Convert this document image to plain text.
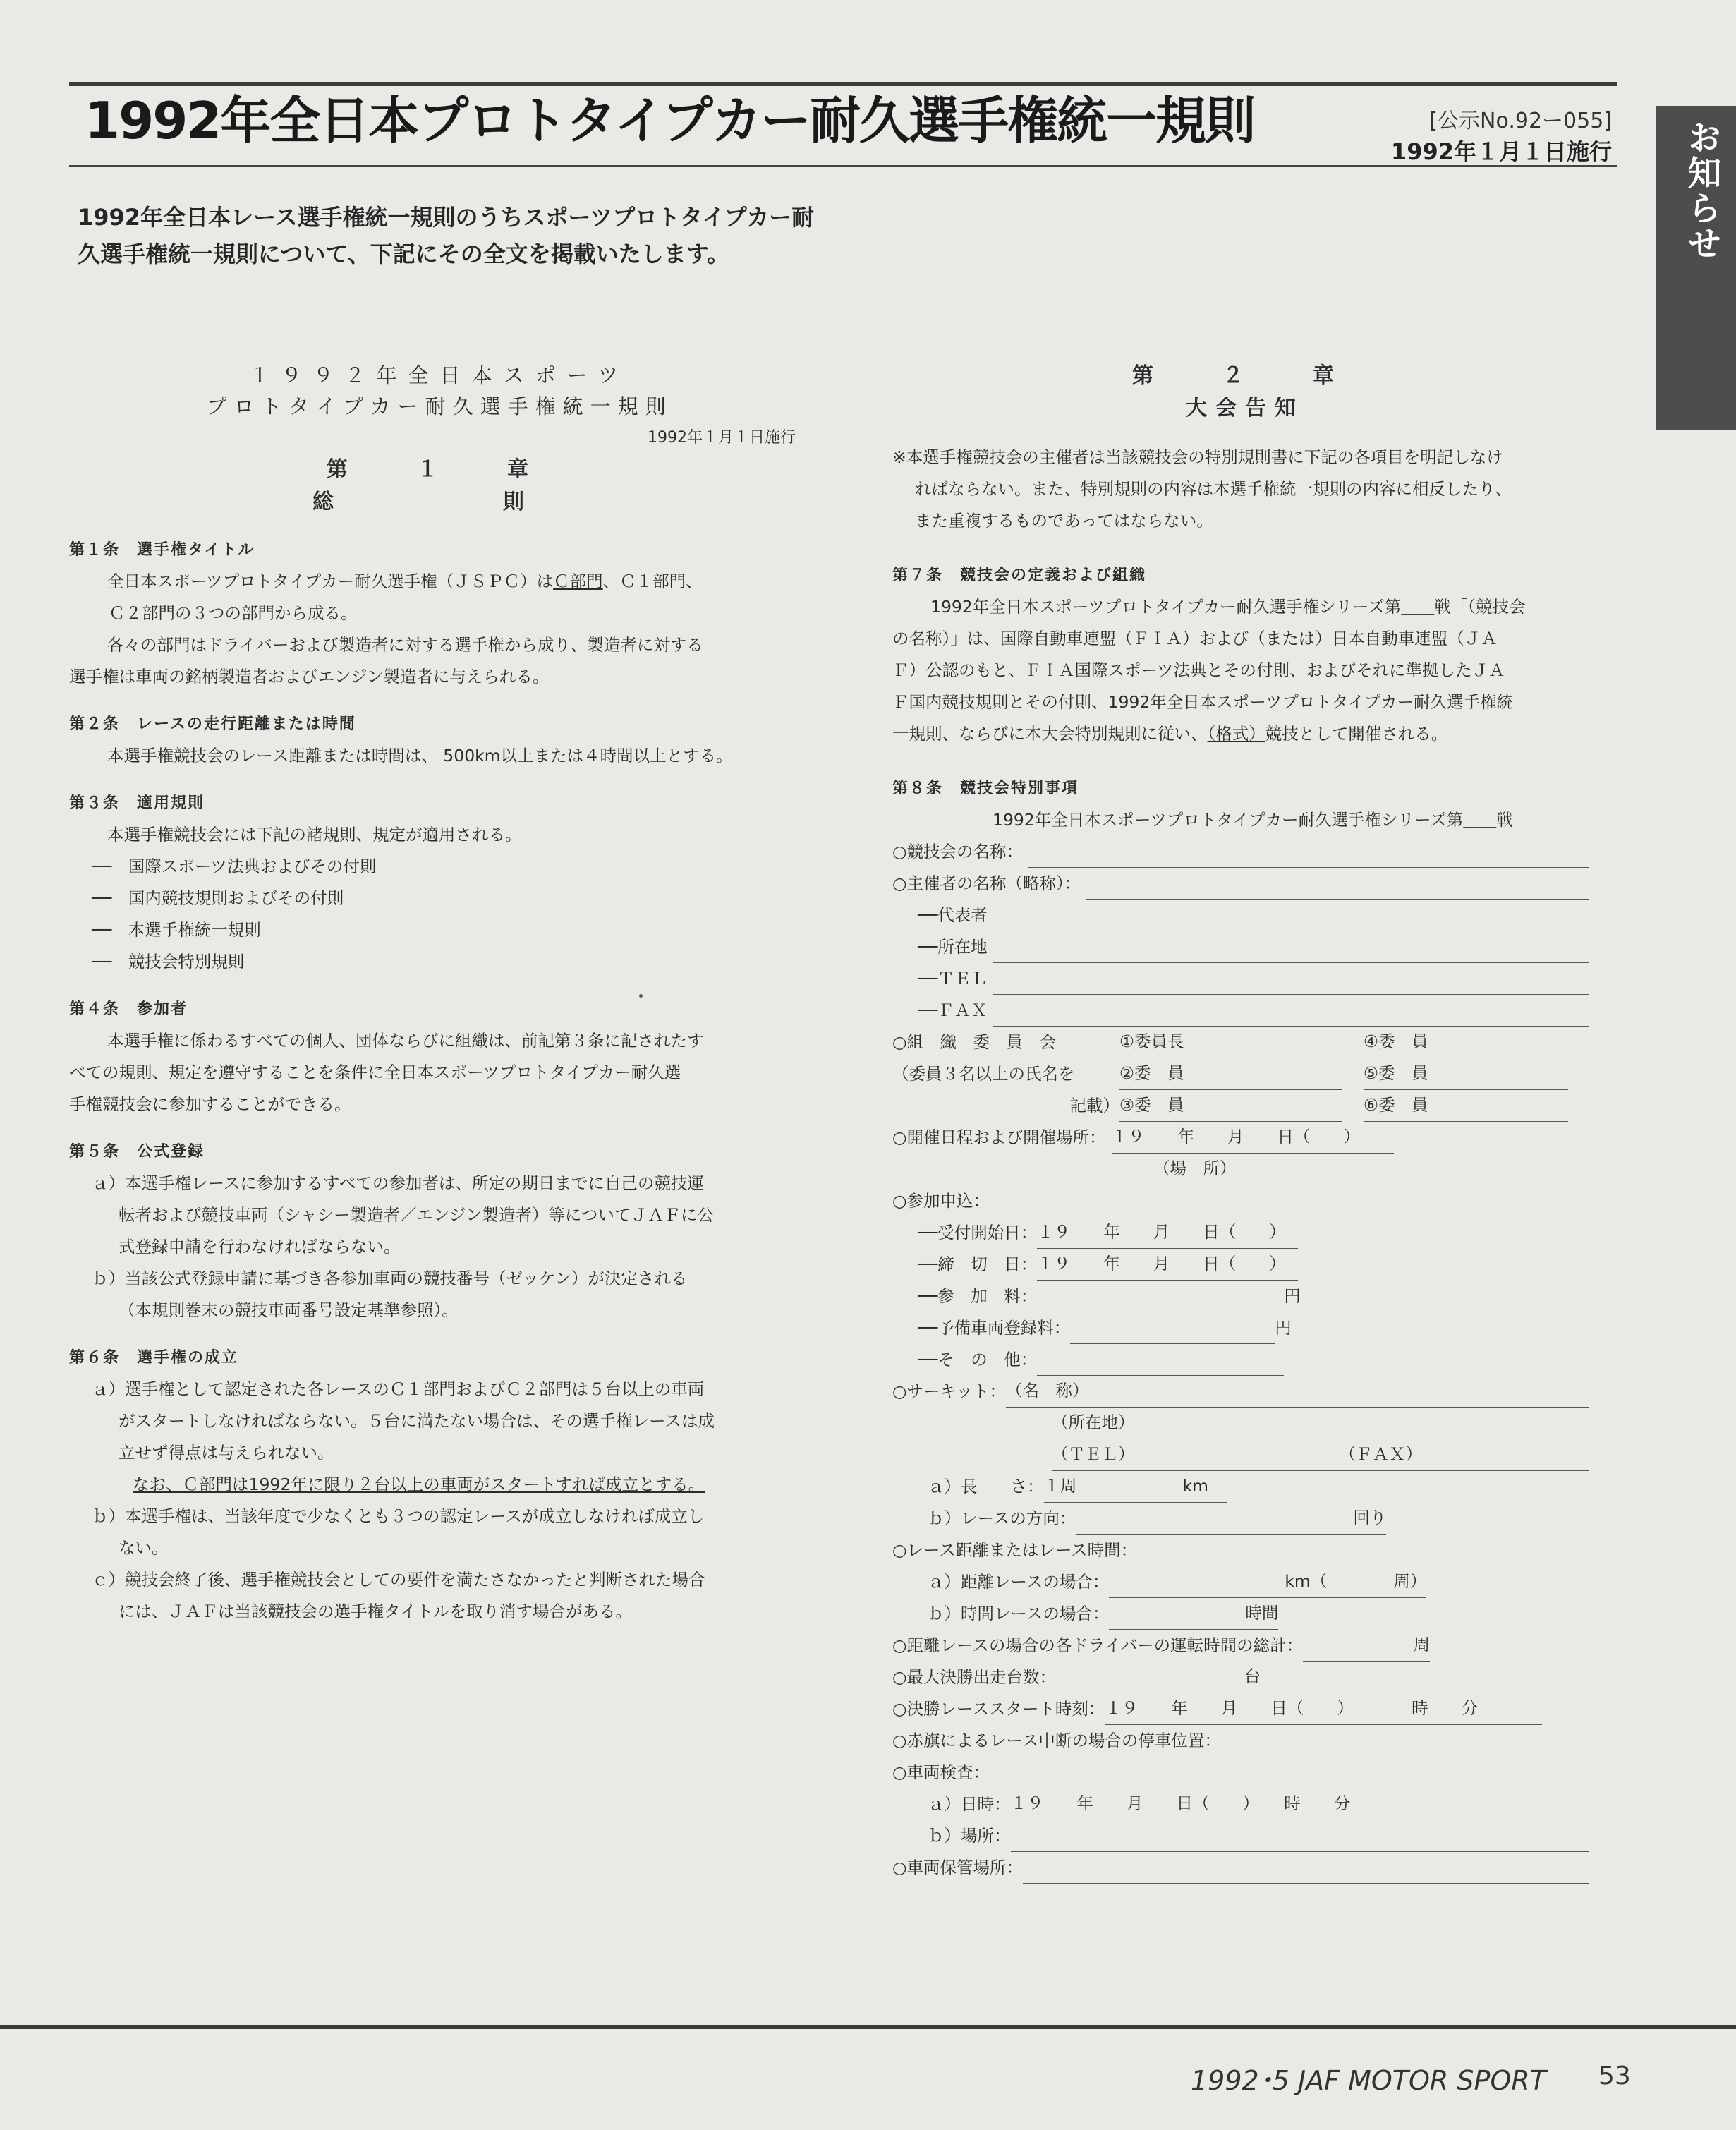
1992年全日本プロトタイプカー耐久選手権統一規則	[公示No.92ー055]
1992年１月１日施行 お知らせ

1992年全日本レース選手権統一規則のうちスポーツプロトタイプカー耐

久選手権統一規則について、下記にその全文を掲載いたします。

１９９２年全日本スポーツ

プロトタイプカー耐久選手権統一規則

1992年１月１日施行

第　１　章

総　　則

第１条　選手権タイトル

全日本スポーツプロトタイプカー耐久選手権（ＪＳＰＣ）はＣ部門、Ｃ１部門、

Ｃ２部門の３つの部門から成る。

各々の部門はドライバーおよび製造者に対する選手権から成り、製造者に対する

選手権は車両の銘柄製造者およびエンジン製造者に与えられる。

第２条　レースの走行距離または時間

本選手権競技会のレース距離または時間は、 500km以上または４時間以上とする。

第３条　適用規則

本選手権競技会には下記の諸規則、規定が適用される。

──　国際スポーツ法典およびその付則

──　国内競技規則およびその付則

──　本選手権統一規則

──　競技会特別規則

第４条　参加者

本選手権に係わるすべての個人、団体ならびに組織は、前記第３条に記されたす

べての規則、規定を遵守することを条件に全日本スポーツプロトタイプカー耐久選

手権競技会に参加することができる。

第５条　公式登録

ａ）本選手権レースに参加するすべての参加者は、所定の期日までに自己の競技運

転者および競技車両（シャシー製造者／エンジン製造者）等についてＪＡＦに公

式登録申請を行わなければならない。

ｂ）当該公式登録申請に基づき各参加車両の競技番号（ゼッケン）が決定される

（本規則巻末の競技車両番号設定基準参照）。

第６条　選手権の成立

ａ）選手権として認定された各レースのＣ１部門およびＣ２部門は５台以上の車両

がスタートしなければならない。５台に満たない場合は、その選手権レースは成

立せず得点は与えられない。

なお、Ｃ部門は1992年に限り２台以上の車両がスタートすれば成立とする。

ｂ）本選手権は、当該年度で少なくとも３つの認定レースが成立しなければ成立し

ない。

ｃ）競技会終了後、選手権競技会としての要件を満たさなかったと判断された場合

には、ＪＡＦは当該競技会の選手権タイトルを取り消す場合がある。

第　２　章

大会告知

※本選手権競技会の主催者は当該競技会の特別規則書に下記の各項目を明記しなけ

ればならない。また、特別規則の内容は本選手権統一規則の内容に相反したり、

また重複するものであってはならない。

第７条　競技会の定義および組織

1992年全日本スポーツプロトタイプカー耐久選手権シリーズ第＿＿戦「（競技会

の名称）」は、国際自動車連盟（ＦＩＡ）および（または）日本自動車連盟（ＪＡ

Ｆ）公認のもと、ＦＩＡ国際スポーツ法典とその付則、およびそれに準拠したＪＡ

Ｆ国内競技規則とその付則、1992年全日本スポーツプロトタイプカー耐久選手権統

一規則、ならびに本大会特別規則に従い、（格式）競技として開催される。

第８条　競技会特別事項

1992年全日本スポーツプロトタイプカー耐久選手権シリーズ第＿＿戦

○競技会の名称：
○主催者の名称（略称）：
──代表者
──所在地
──ＴＥＬ
──ＦＡＸ
○組　織　委　員　会	①委員長	④委　員
（委員３名以上の氏名を	②委　員	⑤委　員
記載） ③委　員	⑥委　員
○開催日程および開催場所： １９　　年　　月　　日（　　）
（場　所）
○参加申込：
──受付開始日： １９　　年　　月　　日（　　）
──締　切　日： １９　　年　　月　　日（　　）
──参　加　料：	円
──予備車両登録料：	円
──そ　の　他：
○サーキット： （名　称）
（所在地）
（ＴＥＬ）	（ＦＡＸ）
ａ）長　　さ： １周	km
ｂ）レースの方向：	回り
○レース距離またはレース時間：
ａ）距離レースの場合：	km（　　　　周）
ｂ）時間レースの場合：	時間
○距離レースの場合の各ドライバーの運転時間の総計：	周
○最大決勝出走台数：	台
○決勝レーススタート時刻： １９　　年　　月　　日（　　）　　　　時　　分
○赤旗によるレース中断の場合の停車位置：
○車両検査：
ａ）日時： １９　　年　　月　　日（　　）　　時　　分
ｂ）場所：
○車両保管場所：
1992･5 JAF MOTOR SPORT 53
